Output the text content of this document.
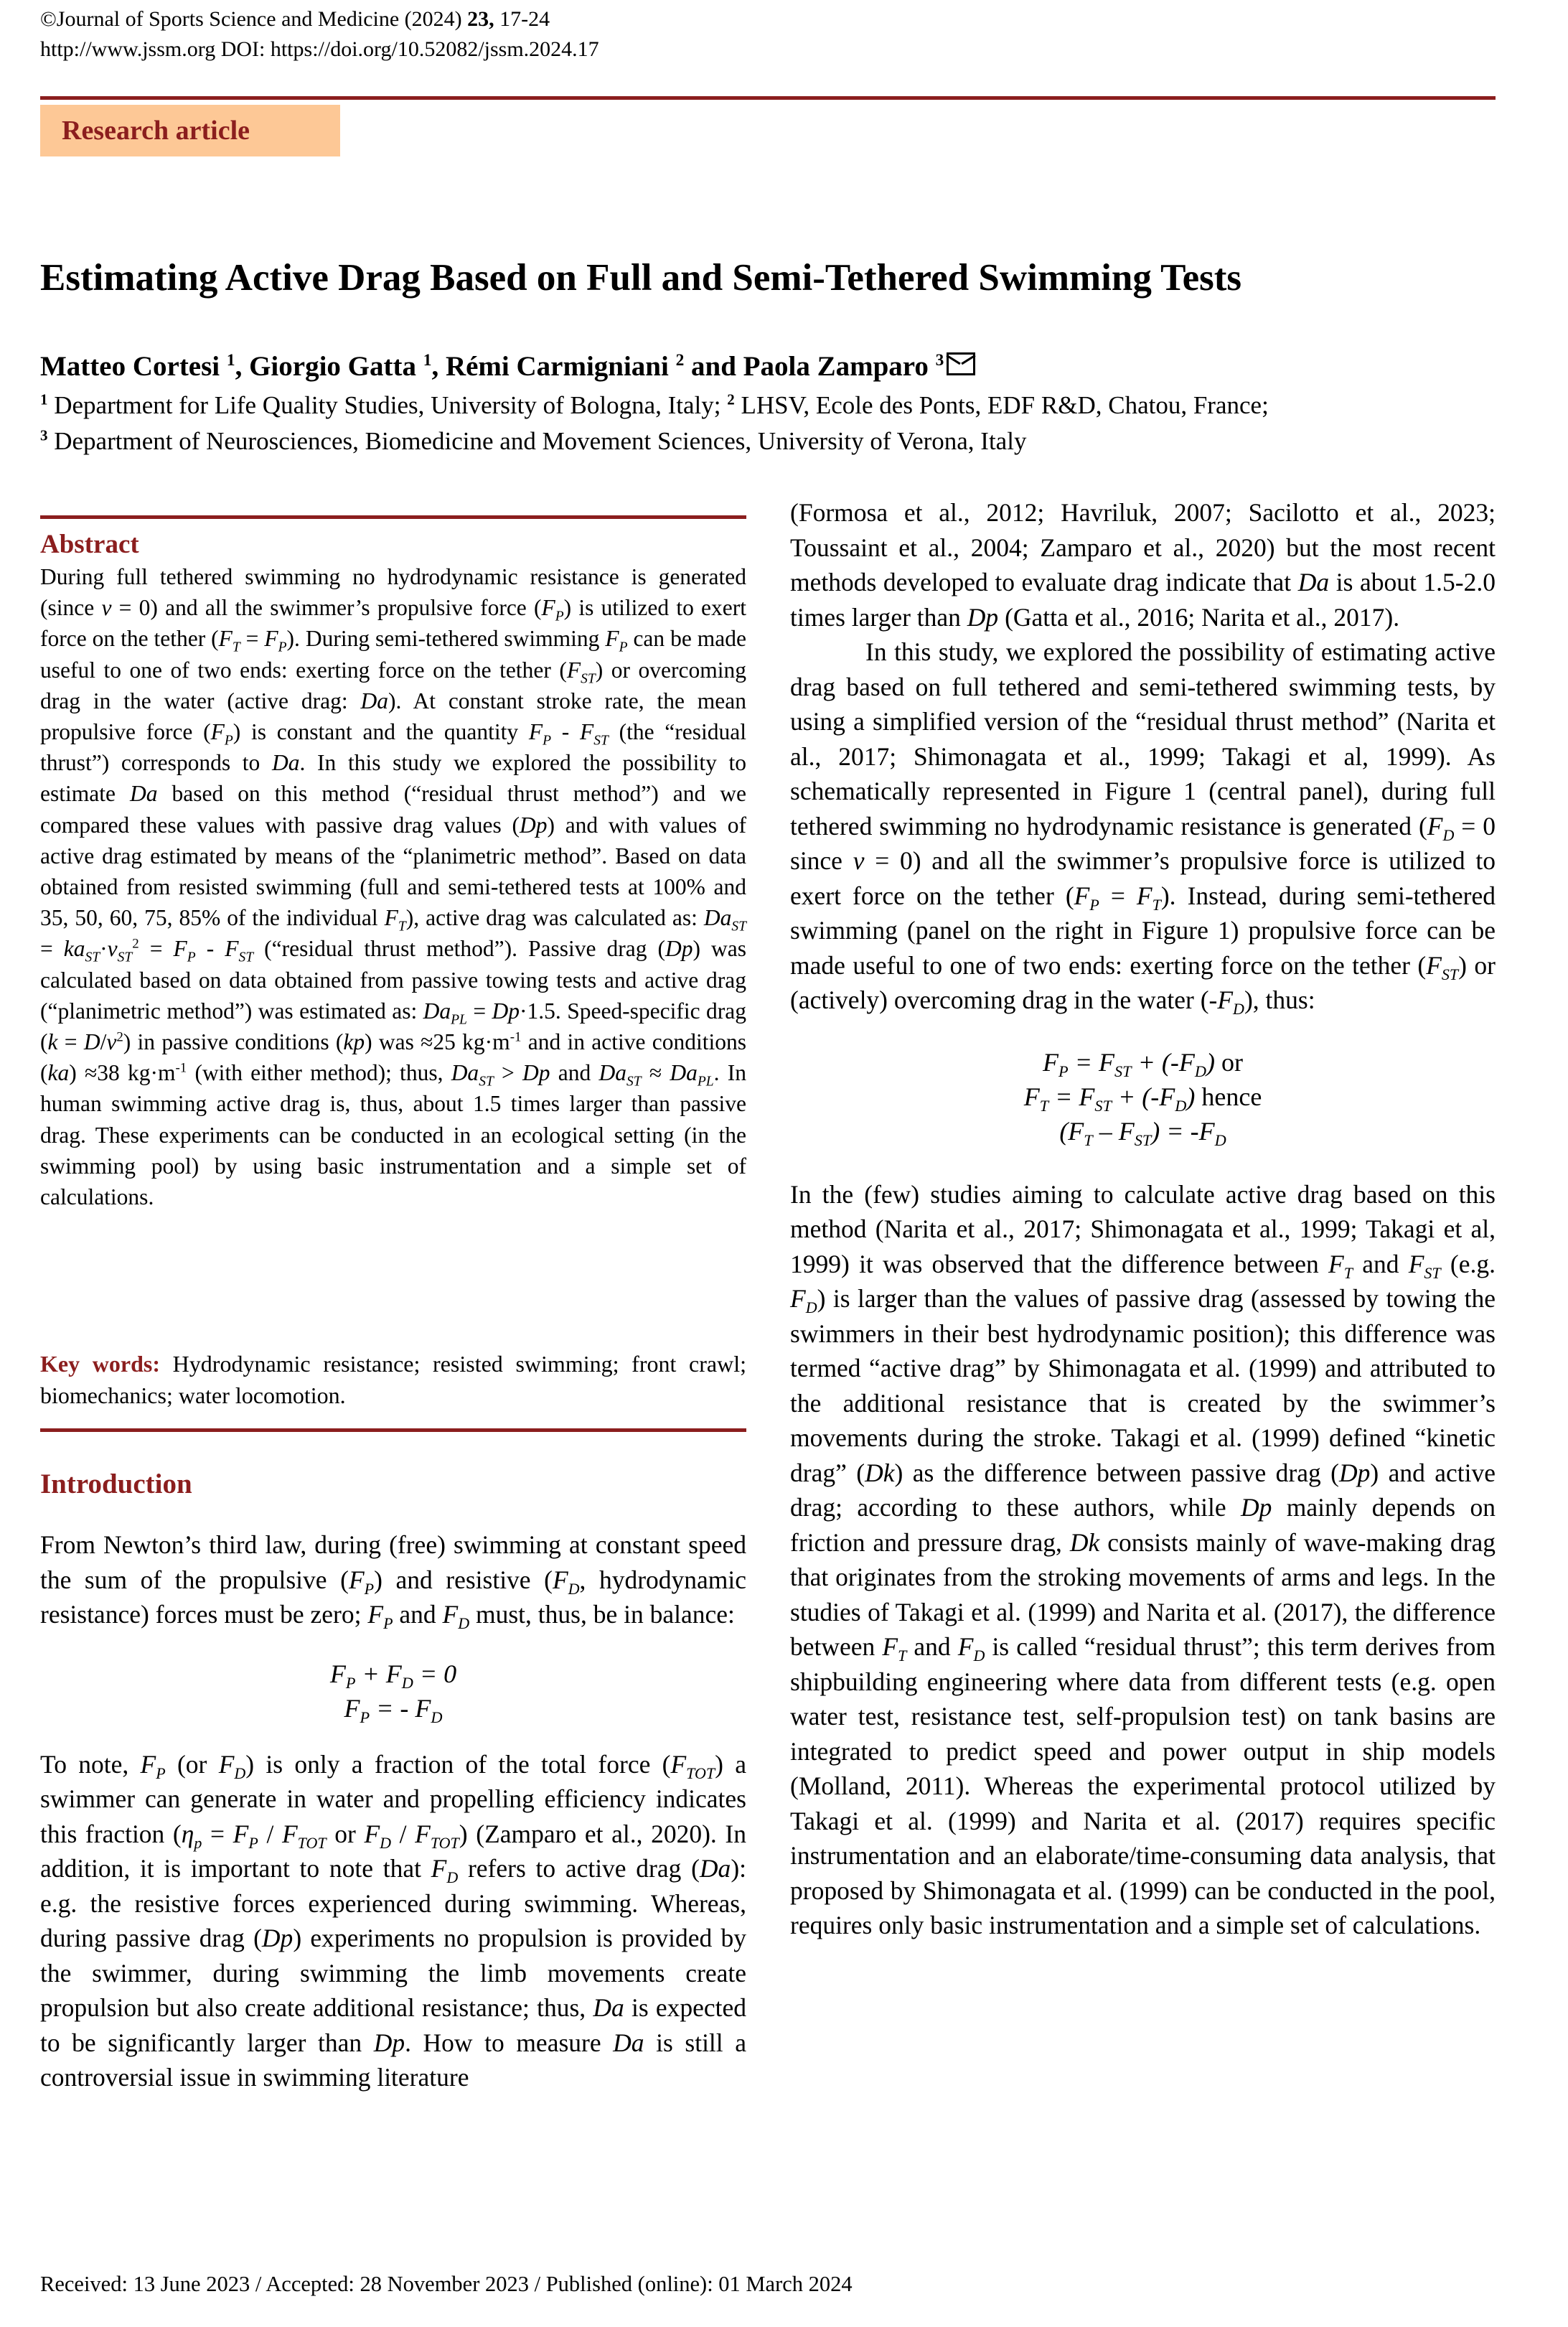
©Journal of Sports Science and Medicine (2024) 23, 17-24
http://www.jssm.org DOI: https://doi.org/10.52082/jssm.2024.17
Research article
Estimating Active Drag Based on Full and Semi-Tethered Swimming Tests
Matteo Cortesi $^1$, Giorgio Gatta $^1$, Rémi Carmigniani $^2$ and Paola Zamparo $^3$
$^1$ Department for Life Quality Studies, University of Bologna, Italy; $^2$ LHSV, Ecole des Ponts, EDF R&D, Chatou, France;
$^3$ Department of Neurosciences, Biomedicine and Movement Sciences, University of Verona, Italy
Abstract

During full tethered swimming no hydrodynamic resistance is generated (since v = 0) and all the swimmer’s propulsive force $(F_P)$ is utilized to exert force on the tether $(F_T = F_P)$. During semi-tethered swimming $F_P$ can be made useful to one of two ends: exerting force on the tether $(F_{ST})$ or overcoming drag in the water (active drag: Da). At constant stroke rate, the mean propulsive force $(F_P)$ is constant and the quantity $F_P - F_{ST}$ (the “residual thrust”) corresponds to Da. In this study we explored the possibility to estimate Da based on this method (“residual thrust method”) and we compared these values with passive drag values (Dp) and with values of active drag estimated by means of the “planimetric method”. Based on data obtained from resisted swimming (full and semi-tethered tests at 100% and 35, 50, 60, 75, 85% of the individual $F_T$), active drag was calculated as: $Da_{ST} = ka_{ST}\cdot v_{ST}^2 = F_P - F_{ST}$ (“residual thrust method”). Passive drag (Dp) was calculated based on data obtained from passive towing tests and active drag (“planimetric method”) was estimated as: $Da_{PL} = Dp\cdot 1.5$. Speed-specific drag $(k = D/v^2)$ in passive conditions (kp) was ≈25 $kg\cdot m^{-1}$ and in active conditions (ka) ≈38 $kg\cdot m^{-1}$ (with either method); thus, $Da_{ST} > Dp$ and $Da_{ST} \approx Da_{PL}$. In human swimming active drag is, thus, about 1.5 times larger than passive drag. These experiments can be conducted in an ecological setting (in the swimming pool) by using basic instrumentation and a simple set of calculations.

Key words: Hydrodynamic resistance; resisted swimming; front crawl; biomechanics; water locomotion.
Introduction

From Newton’s third law, during (free) swimming at constant speed the sum of the propulsive $(F_P)$ and resistive ($F_D$, hydrodynamic resistance) forces must be zero; $F_P$ and $F_D$ must, thus, be in balance:

$F_P + F_D = 0$
$F_P$ = - $F_D$

To note, $F_P$ (or $F_D$) is only a fraction of the total force $(F_{TOT})$ a swimmer can generate in water and propelling efficiency indicates this fraction ($\eta_p = F_P / F_{TOT}$ or $F_D / F_{TOT}$) (Zamparo et al., 2020). In addition, it is important to note that $F_D$ refers to active drag (Da): e.g. the resistive forces experienced during swimming. Whereas, during passive drag (Dp) experiments no propulsion is provided by the swimmer, during swimming the limb movements create propulsion but also create additional resistance; thus, Da is expected to be significantly larger than Dp. How to measure Da is still a controversial issue in swimming literature

(Formosa et al., 2012; Havriluk, 2007; Sacilotto et al., 2023; Toussaint et al., 2004; Zamparo et al., 2020) but the most recent methods developed to evaluate drag indicate that Da is about 1.5-2.0 times larger than Dp (Gatta et al., 2016; Narita et al., 2017).

In this study, we explored the possibility of estimating active drag based on full tethered and semi-tethered swimming tests, by using a simplified version of the “residual thrust method” (Narita et al., 2017; Shimonagata et al., 1999; Takagi et al, 1999). As schematically represented in Figure 1 (central panel), during full tethered swimming no hydrodynamic resistance is generated ($F_D = 0$ since v = 0) and all the swimmer’s propulsive force is utilized to exert force on the tether $(F_P = F_T)$. Instead, during semi-tethered swimming (panel on the right in Figure 1) propulsive force can be made useful to one of two ends: exerting force on the tether $(F_{ST})$ or (actively) overcoming drag in the water $(-F_D)$, thus:

$F_P = F_{ST} + (-F_D)$ or
$F_T = F_{ST} + (-F_D)$ hence
$(F_T - F_{ST}) = -F_D$

In the (few) studies aiming to calculate active drag based on this method (Narita et al., 2017; Shimonagata et al., 1999; Takagi et al, 1999) it was observed that the difference between $F_T$ and $F_{ST}$ (e.g. $F_D$) is larger than the values of passive drag (assessed by towing the swimmers in their best hydrodynamic position); this difference was termed “active drag” by Shimonagata et al. (1999) and attributed to the additional resistance that is created by the swimmer’s movements during the stroke. Takagi et al. (1999) defined “kinetic drag” (Dk) as the difference between passive drag (Dp) and active drag; according to these authors, while Dp mainly depends on friction and pressure drag, Dk consists mainly of wave-making drag that originates from the stroking movements of arms and legs. In the studies of Takagi et al. (1999) and Narita et al. (2017), the difference between $F_T$ and $F_D$ is called “residual thrust”; this term derives from shipbuilding engineering where data from different tests (e.g. open water test, resistance test, self-propulsion test) on tank basins are integrated to predict speed and power output in ship models (Molland, 2011). Whereas the experimental protocol utilized by Takagi et al. (1999) and Narita et al. (2017) requires specific instrumentation and an elaborate/time-consuming data analysis, that proposed by Shimonagata et al. (1999) can be conducted in the pool, requires only basic instrumentation and a simple set of calculations.

Received: 13 June 2023 / Accepted: 28 November 2023 / Published (online): 01 March 2024
